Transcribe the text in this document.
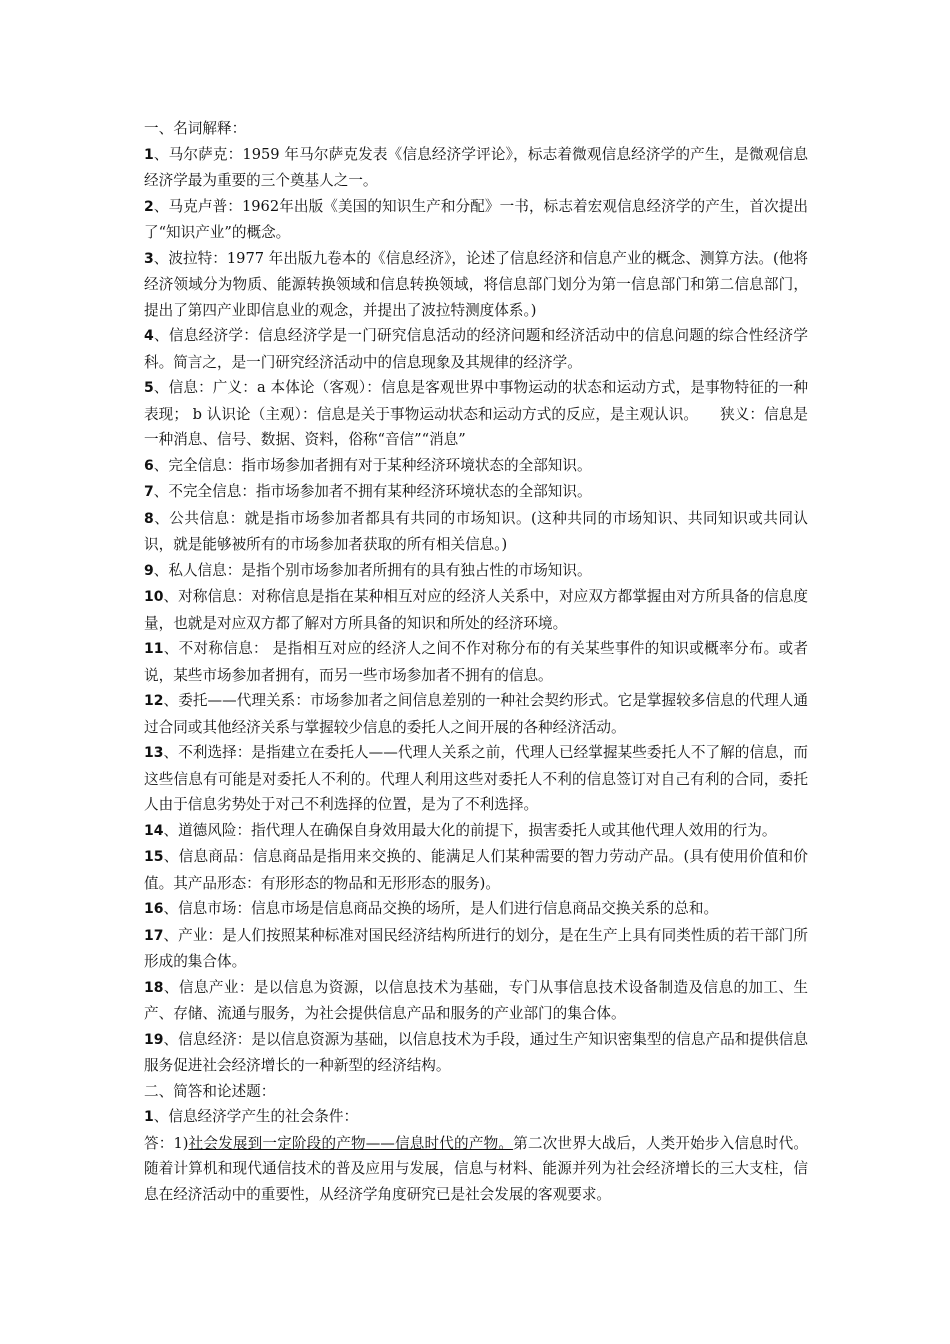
一、名词解释：

1、马尔萨克：1959 年马尔萨克发表《信息经济学评论》，标志着微观信息经济学的产生，是微观信息经济学最为重要的三个奠基人之一。

2、马克卢普：1962年出版《美国的知识生产和分配》一书，标志着宏观信息经济学的产生，首次提出了“知识产业”的概念。

3、波拉特：1977 年出版九卷本的《信息经济》，论述了信息经济和信息产业的概念、测算方法。(他将经济领域分为物质、能源转换领域和信息转换领域，将信息部门划分为第一信息部门和第二信息部门，提出了第四产业即信息业的观念，并提出了波拉特测度体系。)

4、信息经济学：信息经济学是一门研究信息活动的经济问题和经济活动中的信息问题的综合性经济学科。简言之，是一门研究经济活动中的信息现象及其规律的经济学。

5、信息：广义：a 本体论（客观）：信息是客观世界中事物运动的状态和运动方式，是事物特征的一种表现； b 认识论（主观）：信息是关于事物运动状态和运动方式的反应，是主观认识。　　狭义：信息是一种消息、信号、数据、资料，俗称“音信”“消息”

6、完全信息：指市场参加者拥有对于某种经济环境状态的全部知识。

7、不完全信息：指市场参加者不拥有某种经济环境状态的全部知识。

8、公共信息：就是指市场参加者都具有共同的市场知识。(这种共同的市场知识、共同知识或共同认识，就是能够被所有的市场参加者获取的所有相关信息。)

9、私人信息：是指个别市场参加者所拥有的具有独占性的市场知识。

10、对称信息：对称信息是指在某种相互对应的经济人关系中，对应双方都掌握由对方所具备的信息度量，也就是对应双方都了解对方所具备的知识和所处的经济环境。

11、不对称信息： 是指相互对应的经济人之间不作对称分布的有关某些事件的知识或概率分布。或者说，某些市场参加者拥有，而另一些市场参加者不拥有的信息。

12、委托——代理关系：市场参加者之间信息差别的一种社会契约形式。它是掌握较多信息的代理人通过合同或其他经济关系与掌握较少信息的委托人之间开展的各种经济活动。

13、不利选择：是指建立在委托人——代理人关系之前，代理人已经掌握某些委托人不了解的信息，而这些信息有可能是对委托人不利的。代理人利用这些对委托人不利的信息签订对自己有利的合同，委托人由于信息劣势处于对己不利选择的位置，是为了不利选择。

14、道德风险：指代理人在确保自身效用最大化的前提下，损害委托人或其他代理人效用的行为。

15、信息商品：信息商品是指用来交换的、能满足人们某种需要的智力劳动产品。(具有使用价值和价值。其产品形态：有形形态的物品和无形形态的服务)。

16、信息市场：信息市场是信息商品交换的场所，是人们进行信息商品交换关系的总和。

17、产业：是人们按照某种标准对国民经济结构所进行的划分，是在生产上具有同类性质的若干部门所形成的集合体。

18、信息产业：是以信息为资源，以信息技术为基础，专门从事信息技术设备制造及信息的加工、生产、存储、流通与服务，为社会提供信息产品和服务的产业部门的集合体。

19、信息经济：是以信息资源为基础，以信息技术为手段，通过生产知识密集型的信息产品和提供信息服务促进社会经济增长的一种新型的经济结构。

二、简答和论述题：

1、信息经济学产生的社会条件：

答：1)社会发展到一定阶段的产物——信息时代的产物。第二次世界大战后，人类开始步入信息时代。随着计算机和现代通信技术的普及应用与发展，信息与材料、能源并列为社会经济增长的三大支柱，信息在经济活动中的重要性，从经济学角度研究已是社会发展的客观要求。
